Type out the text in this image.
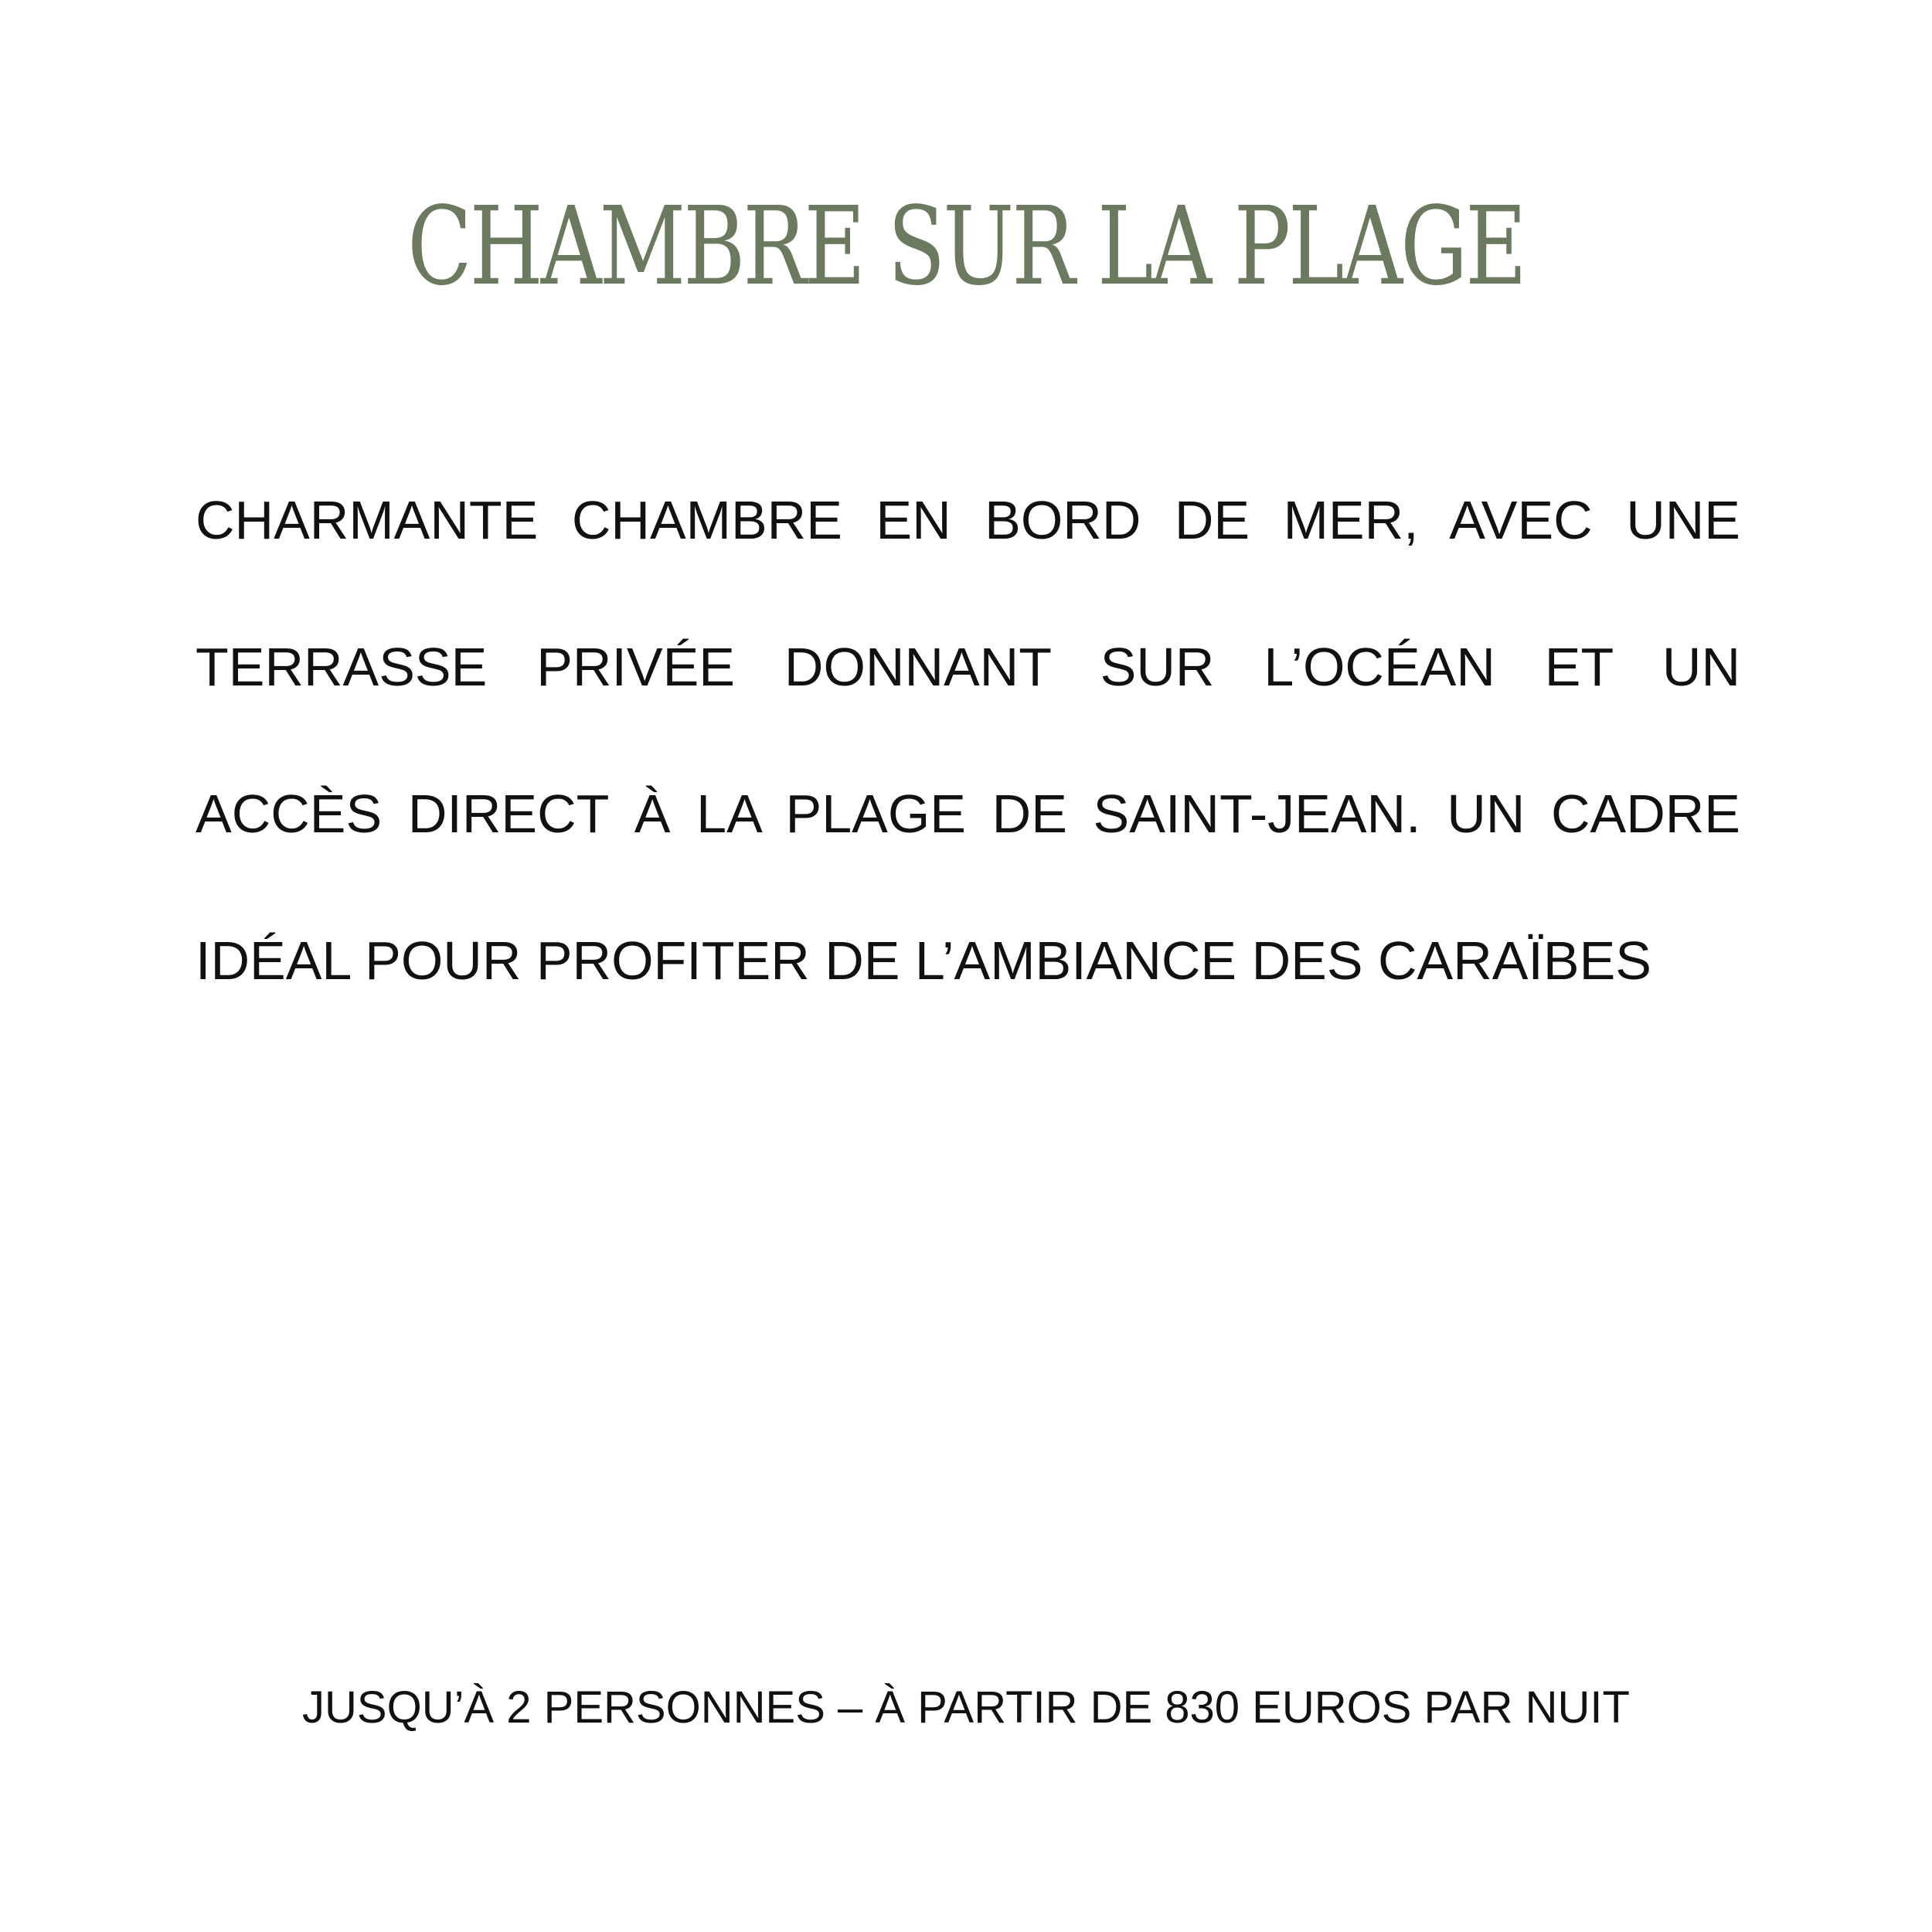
CHAMBRE SUR LA PLAGE
CHARMANTE CHAMBRE EN BORD DE MER, AVEC UNE
TERRASSE PRIVÉE DONNANT SUR L’OCÉAN ET UN
ACCÈS DIRECT À LA PLAGE DE SAINT-JEAN. UN CADRE
IDÉAL POUR PROFITER DE L’AMBIANCE DES CARAÏBES
JUSQU’À 2 PERSONNES – À PARTIR DE 830 EUROS PAR NUIT
